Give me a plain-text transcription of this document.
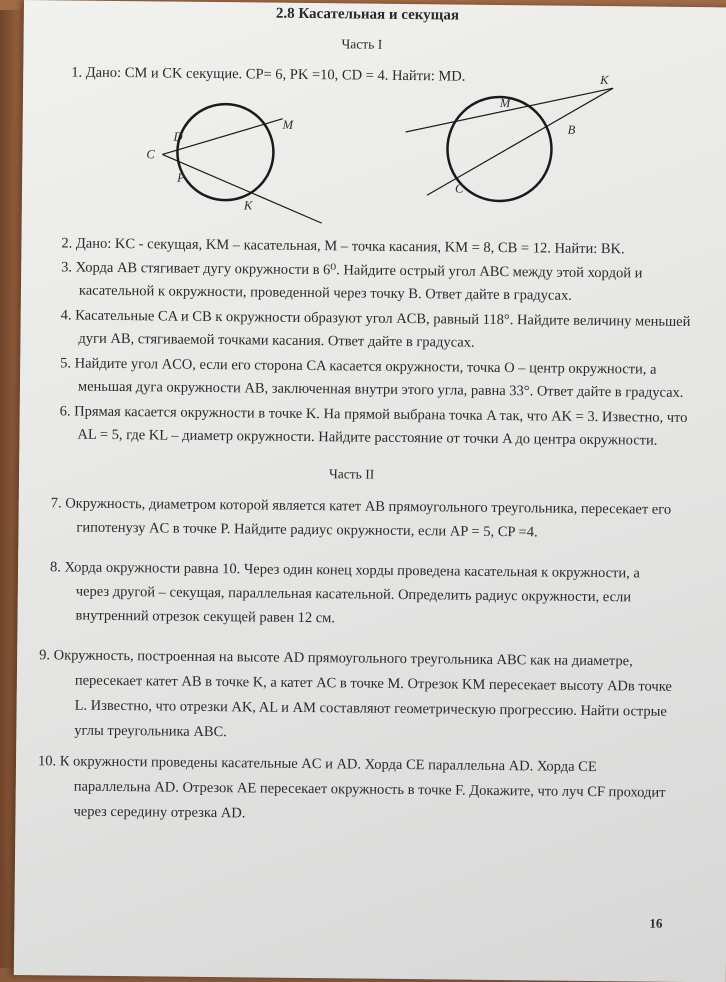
2.8 Касательная и секущая
Часть I
1. Дано: CM и CK секущие. CP= 6, PK =10, CD = 4. Найти: MD.
C
D
M
P
K
K
M
B
C
2. Дано: KC - секущая, KM – касательная, M – точка касания, KM = 8, CB = 12. Найти: BK.
3. Хорда AB стягивает дугу окружности в 6⁰. Найдите острый угол ABC между этой хордой и
касательной к окружности, проведенной через точку B. Ответ дайте в градусах.
4. Касательные CA и CB к окружности образуют угол ACB, равный 118°. Найдите величину меньшей
дуги AB, стягиваемой точками касания. Ответ дайте в градусах.
5. Найдите угол ACO, если его сторона CA касается окружности, точка O – центр окружности, а
меньшая дуга окружности AB, заключенная внутри этого угла, равна 33°. Ответ дайте в градусах.
6. Прямая касается окружности в точке K. На прямой выбрана точка A так, что AK = 3. Известно, что
AL = 5, где KL – диаметр окружности. Найдите расстояние от точки A до центра окружности.
Часть II
7. Окружность, диаметром которой является катет AB прямоугольного треугольника, пересекает его
гипотенузу AC в точке P. Найдите радиус окружности, если AP = 5, CP =4.
8. Хорда окружности равна 10. Через один конец хорды проведена касательная к окружности, а
через другой – секущая, параллельная касательной. Определить радиус окружности, если
внутренний отрезок секущей равен 12 см.
9. Окружность, построенная на высоте AD прямоугольного треугольника ABC как на диаметре,
пересекает катет AB в точке K, а катет AC в точке M. Отрезок KM пересекает высоту ADв точке
L. Известно, что отрезки AK, AL и AM составляют геометрическую прогрессию. Найти острые
углы треугольника ABC.
10. К окружности проведены касательные AC и AD. Хорда CE параллельна AD. Хорда CE
параллельна AD. Отрезок AE пересекает окружность в точке F. Докажите, что луч CF проходит
через середину отрезка AD.
16
